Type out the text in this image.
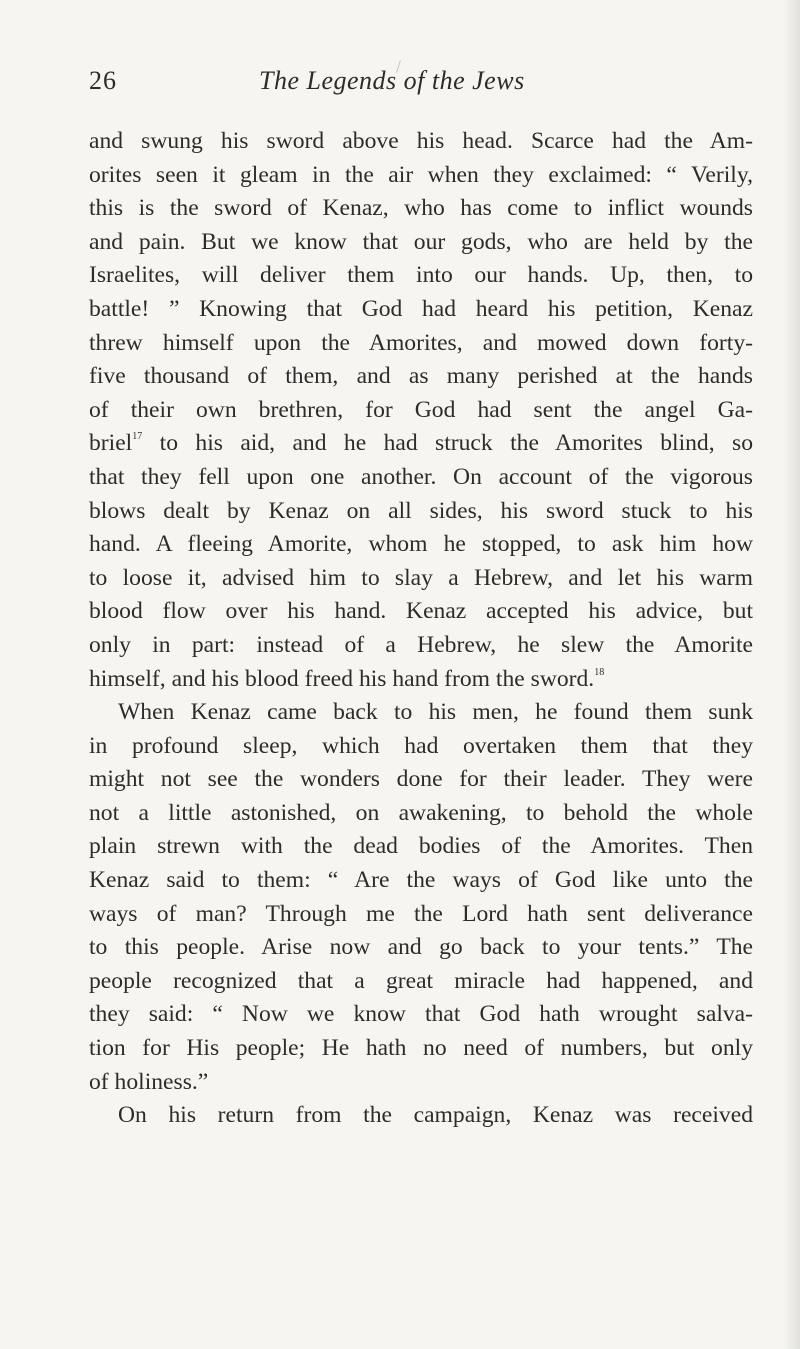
26	The Legends of the Jews
and swung his sword above his head. Scarce had the Am-
orites seen it gleam in the air when they exclaimed: “ Verily,
this is the sword of Kenaz, who has come to inflict wounds
and pain. But we know that our gods, who are held by the
Israelites, will deliver them into our hands. Up, then, to
battle! ” Knowing that God had heard his petition, Kenaz
threw himself upon the Amorites, and mowed down forty-
five thousand of them, and as many perished at the hands
of their own brethren, for God had sent the angel Ga-
briel$^{17}$ to his aid, and he had struck the Amorites blind, so
that they fell upon one another. On account of the vigorous
blows dealt by Kenaz on all sides, his sword stuck to his
hand. A fleeing Amorite, whom he stopped, to ask him how
to loose it, advised him to slay a Hebrew, and let his warm
blood flow over his hand. Kenaz accepted his advice, but
only in part: instead of a Hebrew, he slew the Amorite
himself, and his blood freed his hand from the sword.$^{18}$
When Kenaz came back to his men, he found them sunk
in profound sleep, which had overtaken them that they
might not see the wonders done for their leader. They were
not a little astonished, on awakening, to behold the whole
plain strewn with the dead bodies of the Amorites. Then
Kenaz said to them: “ Are the ways of God like unto the
ways of man? Through me the Lord hath sent deliverance
to this people. Arise now and go back to your tents.” The
people recognized that a great miracle had happened, and
they said: “ Now we know that God hath wrought salva-
tion for His people; He hath no need of numbers, but only
of holiness.”
On his return from the campaign, Kenaz was received
